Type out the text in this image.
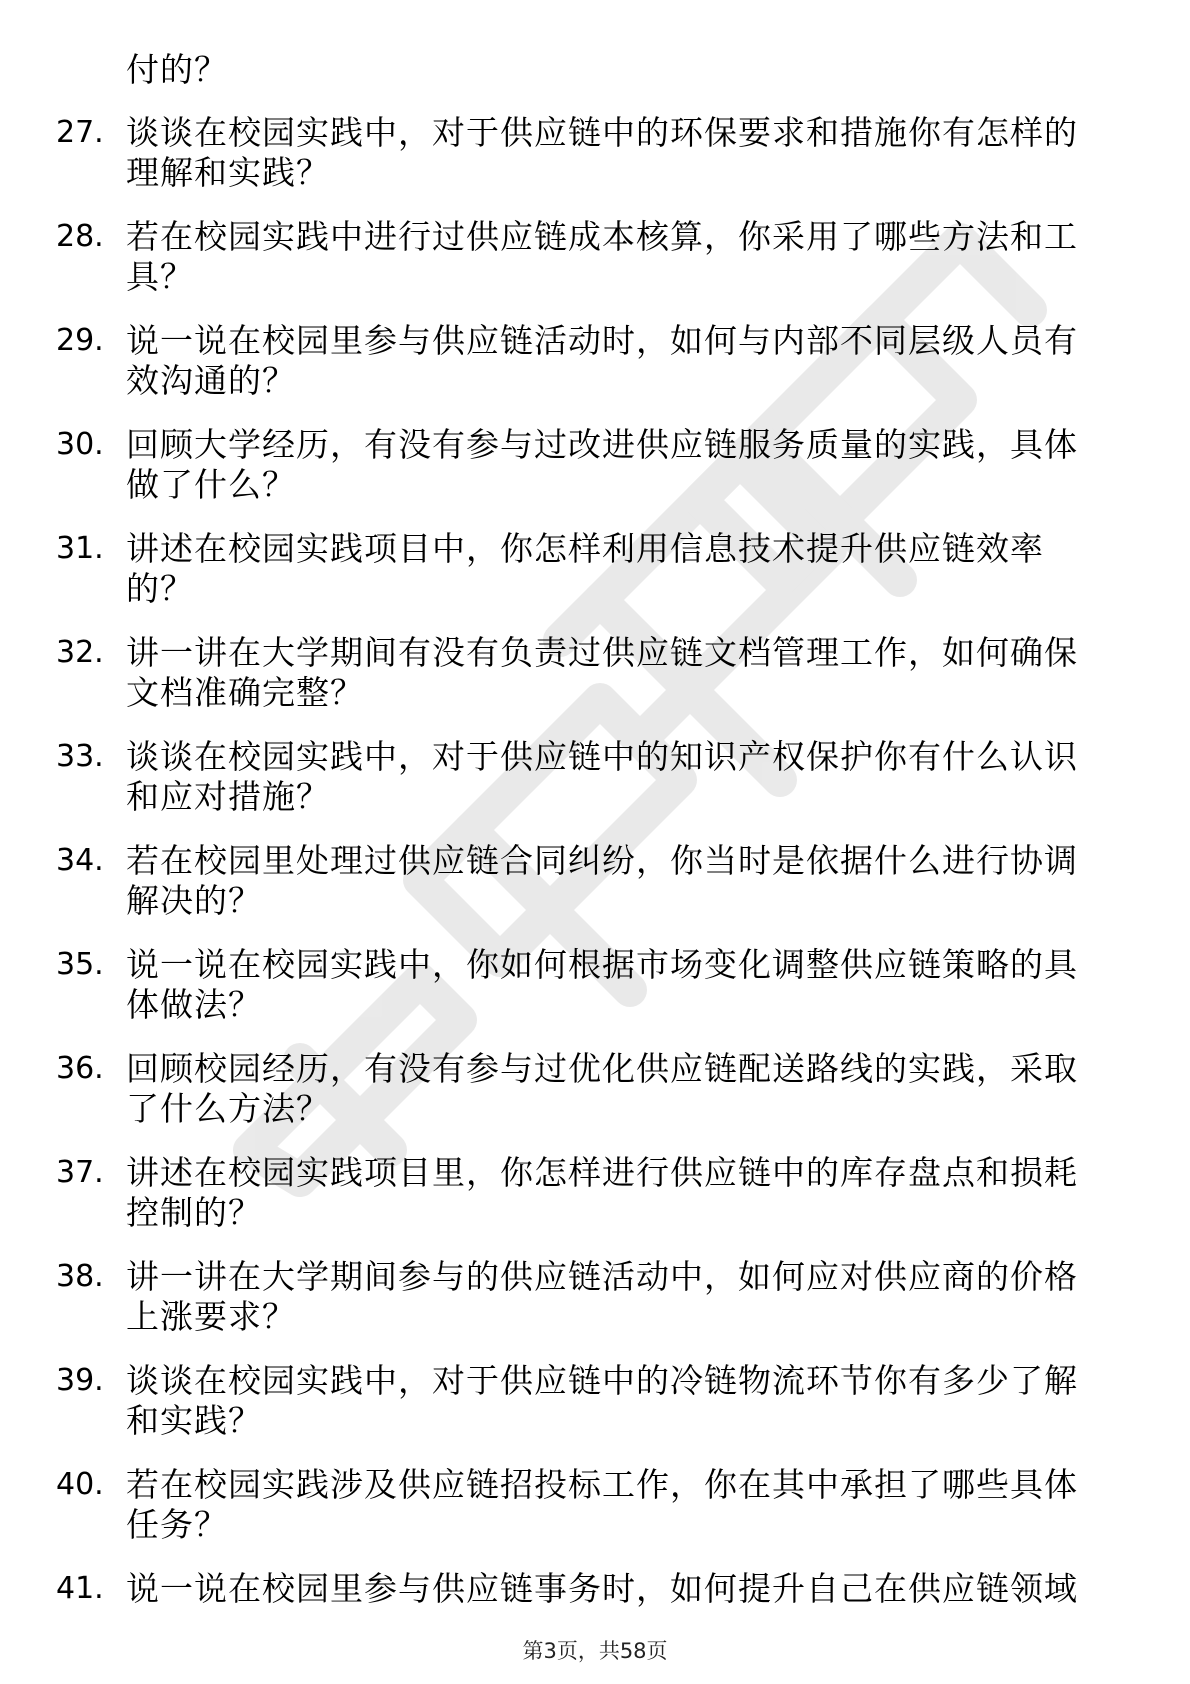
付的？
27. 谈谈在校园实践中，对于供应链中的环保要求和措施你有怎样的理解和实践？
28. 若在校园实践中进行过供应链成本核算，你采用了哪些方法和工具？
29. 说一说在校园里参与供应链活动时，如何与内部不同层级人员有效沟通的？
30. 回顾大学经历，有没有参与过改进供应链服务质量的实践，具体做了什么？
31. 讲述在校园实践项目中，你怎样利用信息技术提升供应链效率的？
32. 讲一讲在大学期间有没有负责过供应链文档管理工作，如何确保文档准确完整？
33. 谈谈在校园实践中，对于供应链中的知识产权保护你有什么认识和应对措施？
34. 若在校园里处理过供应链合同纠纷，你当时是依据什么进行协调解决的？
35. 说一说在校园实践中，你如何根据市场变化调整供应链策略的具体做法？
36. 回顾校园经历，有没有参与过优化供应链配送路线的实践，采取了什么方法？
37. 讲述在校园实践项目里，你怎样进行供应链中的库存盘点和损耗控制的？
38. 讲一讲在大学期间参与的供应链活动中，如何应对供应商的价格上涨要求？
39. 谈谈在校园实践中，对于供应链中的冷链物流环节你有多少了解和实践？
40. 若在校园实践涉及供应链招投标工作，你在其中承担了哪些具体任务？
41. 说一说在校园里参与供应链事务时，如何提升自己在供应链领域
第3页，共58页
